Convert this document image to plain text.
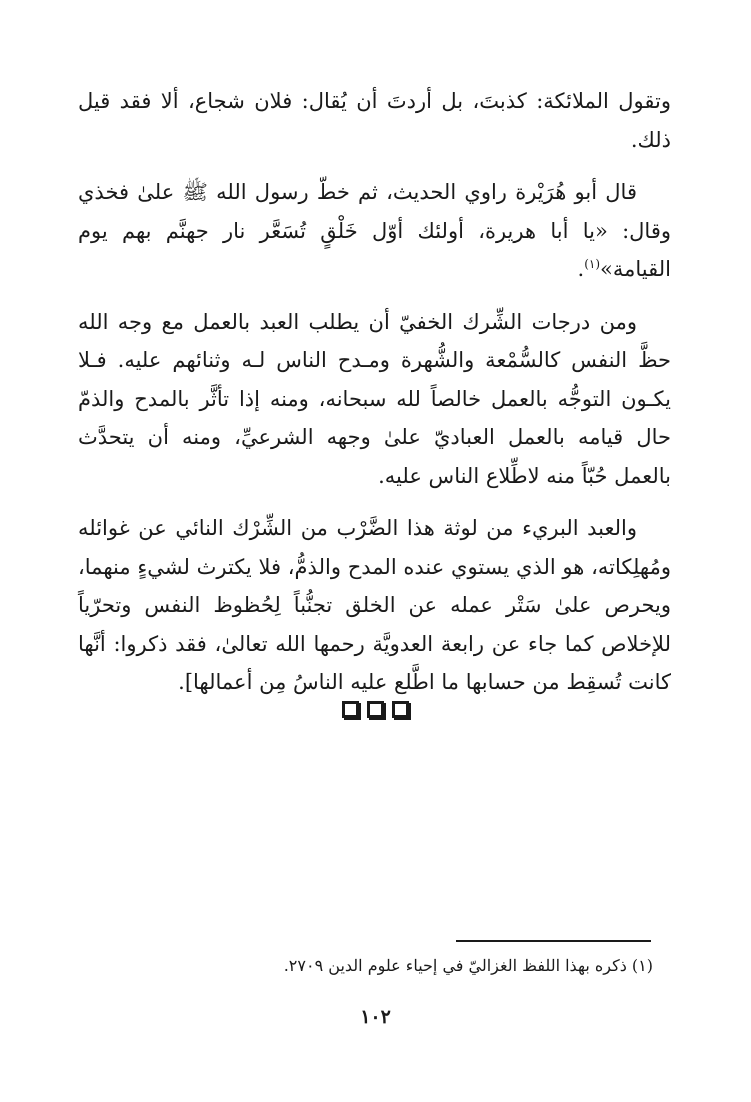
وتقول الملائكة: كذبتَ، بل أردتَ أن يُقال: فلان شجاع، ألا فقد قيل ذلك.

قال أبو هُرَيْرة راوي الحديث، ثم خطّ رسول الله ﷺ علىٰ فخذي وقال: «يا أبا هريرة، أولئك أوّل خَلْقٍ تُسَعَّر نار جهنَّم بهم يوم القيامة»$^{(١)}$.

ومن درجات الشِّرك الخفيّ أن يطلب العبد بالعمل مع وجه الله حظَّ النفس كالسُّمْعة والشُّهرة ومـدح الناس لـه وثنائهم عليه. فـلا يكـون التوجُّه بالعمل خالصاً لله سبحانه، ومنه إذا تأثَّر بالمدح والذمّ حال قيامه بالعمل العباديّ علىٰ وجهه الشرعيِّ، ومنه أن يتحدَّث بالعمل حُبّاً منه لاطِّلاع الناس عليه.

والعبد البريء من لوثة هذا الضَّرْب من الشِّرْك النائي عن غوائله ومُهلِكاته، هو الذي يستوي عنده المدح والذمُّ، فلا يكترث لشيءٍ منهما، ويحرص علىٰ سَتْر عمله عن الخلق تجنُّباً لِحُظوظ النفس وتحرّياً للإخلاص كما جاء عن رابعة العدويَّة رحمها الله تعالىٰ، فقد ذكروا: أنَّها كانت تُسقِط من حسابها ما اطَّلع عليه الناسُ مِن أعمالها].

(١) ذكره بهذا اللفظ الغزاليّ في إحياء علوم الدين ٢٧٠٩.
١٠٢
